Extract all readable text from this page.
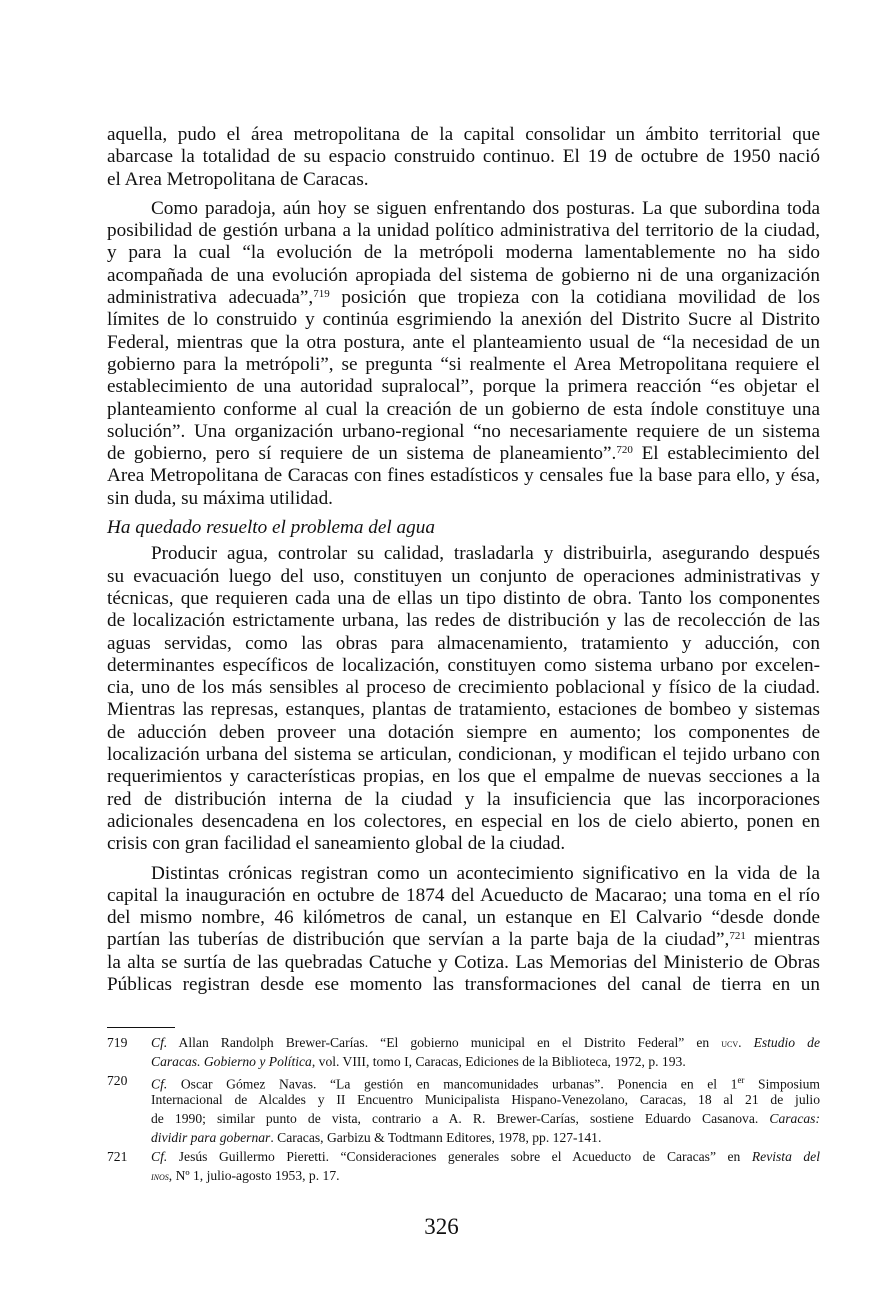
aquella, pudo el área metropolitana de la capital consolidar un ámbito territorial que
abarcase la totalidad de su espacio construido continuo. El 19 de octubre de 1950 nació
el Area Metropolitana de Caracas.
Como paradoja, aún hoy se siguen enfrentando dos posturas. La que subordina toda
posibilidad de gestión urbana a la unidad político administrativa del territorio de la ciudad,
y para la cual “la evolución de la metrópoli moderna lamentablemente no ha sido
acompañada de una evolución apropiada del sistema de gobierno ni de una organización
administrativa adecuada”,$^{719}$ posición que tropieza con la cotidiana movilidad de los
límites de lo construido y continúa esgrimiendo la anexión del Distrito Sucre al Distrito
Federal, mientras que la otra postura, ante el planteamiento usual de “la necesidad de un
gobierno para la metrópoli”, se pregunta “si realmente el Area Metropolitana requiere el
establecimiento de una autoridad supralocal”, porque la primera reacción “es objetar el
planteamiento conforme al cual la creación de un gobierno de esta índole constituye una
solución”. Una organización urbano-regional “no necesariamente requiere de un sistema
de gobierno, pero sí requiere de un sistema de planeamiento”.$^{720}$ El establecimiento del
Area Metropolitana de Caracas con fines estadísticos y censales fue la base para ello, y ésa,
sin duda, su máxima utilidad.
Ha quedado resuelto el problema del agua
Producir agua, controlar su calidad, trasladarla y distribuirla, asegurando después
su evacuación luego del uso, constituyen un conjunto de operaciones administrativas y
técnicas, que requieren cada una de ellas un tipo distinto de obra. Tanto los componentes
de localización estrictamente urbana, las redes de distribución y las de recolección de las
aguas servidas, como las obras para almacenamiento, tratamiento y aducción, con
determinantes específicos de localización, constituyen como sistema urbano por excelen-
cia, uno de los más sensibles al proceso de crecimiento poblacional y físico de la ciudad.
Mientras las represas, estanques, plantas de tratamiento, estaciones de bombeo y sistemas
de aducción deben proveer una dotación siempre en aumento; los componentes de
localización urbana del sistema se articulan, condicionan, y modifican el tejido urbano con
requerimientos y características propias, en los que el empalme de nuevas secciones a la
red de distribución interna de la ciudad y la insuficiencia que las incorporaciones
adicionales desencadena en los colectores, en especial en los de cielo abierto, ponen en
crisis con gran facilidad el saneamiento global de la ciudad.
Distintas crónicas registran como un acontecimiento significativo en la vida de la
capital la inauguración en octubre de 1874 del Acueducto de Macarao; una toma en el río
del mismo nombre, 46 kilómetros de canal, un estanque en El Calvario “desde donde
partían las tuberías de distribución que servían a la parte baja de la ciudad”,$^{721}$ mientras
la alta se surtía de las quebradas Catuche y Cotiza. Las Memorias del Ministerio de Obras
Públicas registran desde ese momento las transformaciones del canal de tierra en un
719	Cf. Allan Randolph Brewer-Carías. “El gobierno municipal en el Distrito Federal” en ucv. Estudio de
Caracas. Gobierno y Política, vol. VIII, tomo I, Caracas, Ediciones de la Biblioteca, 1972, p. 193.
720	Cf. Oscar Gómez Navas. “La gestión en mancomunidades urbanas”. Ponencia en el 1er Simposium
Internacional de Alcaldes y II Encuentro Municipalista Hispano-Venezolano, Caracas, 18 al 21 de julio
de 1990; similar punto de vista, contrario a A. R. Brewer-Carías, sostiene Eduardo Casanova. Caracas:
dividir para gobernar. Caracas, Garbizu & Todtmann Editores, 1978, pp. 127-141.
721	Cf. Jesús Guillermo Pieretti. “Consideraciones generales sobre el Acueducto de Caracas” en Revista del
inos, Nº 1, julio-agosto 1953, p. 17.
326
